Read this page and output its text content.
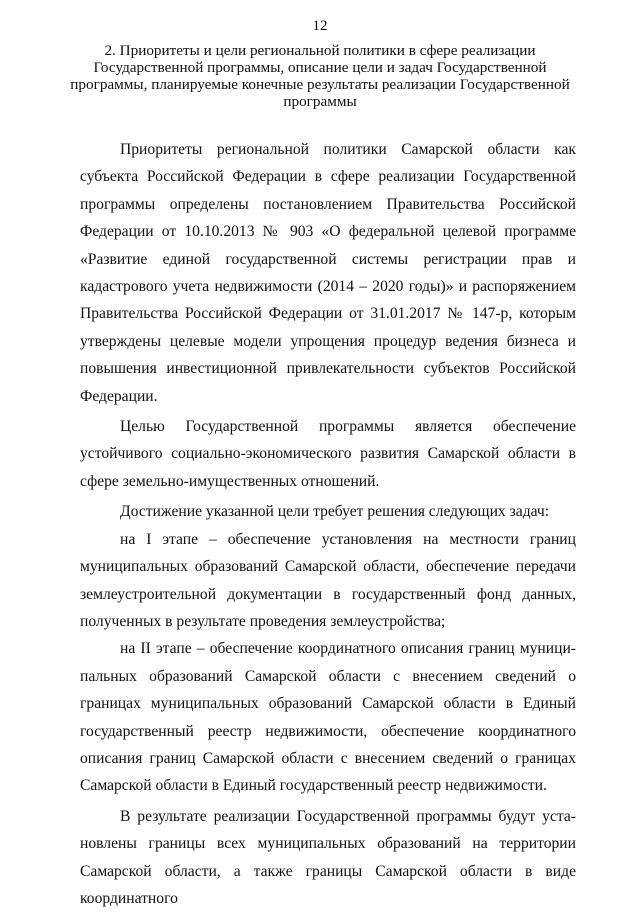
12
2. Приоритеты и цели региональной политики в сфере реализации Государственной программы, описание цели и задач Государственной программы, планируемые конечные результаты реализации Государственной программы

Приоритеты региональной политики Самарской области как субъекта Российской Федерации в сфере реализации Государственной программы определены постановлением Правительства Российской Федерации от 10.10.2013 № 903 «О федеральной целевой программе «Развитие единой государственной системы регистрации прав и кадастрового учета недвижимости (2014 – 2020 годы)» и распоряжением Правительства Российской Федерации от 31.01.2017 № 147-р, которым утверждены целевые модели упрощения процедур ведения бизнеса и повышения инвестиционной привлекательности субъектов Российской Федерации.

Целью Государственной программы является обеспечение устойчивого социально-экономического развития Самарской области в сфере земельно-имущественных отношений.

Достижение указанной цели требует решения следующих задач:

на I этапе – обеспечение установления на местности границ муниципальных образований Самарской области, обеспечение передачи землеустроительной документации в государственный фонд данных, полученных в результате проведения землеустройства;

на II этапе – обеспечение координатного описания границ муниципальных образований Самарской области с внесением сведений о границах муниципальных образований Самарской области в Единый государственный реестр недвижимости, обеспечение координатного описания границ Самарской области с внесением сведений о границах Самарской области в Единый государственный реестр недвижимости.

В результате реализации Государственной программы будут установлены границы всех муниципальных образований на территории Самарской области, а также границы Самарской области в виде координатного
